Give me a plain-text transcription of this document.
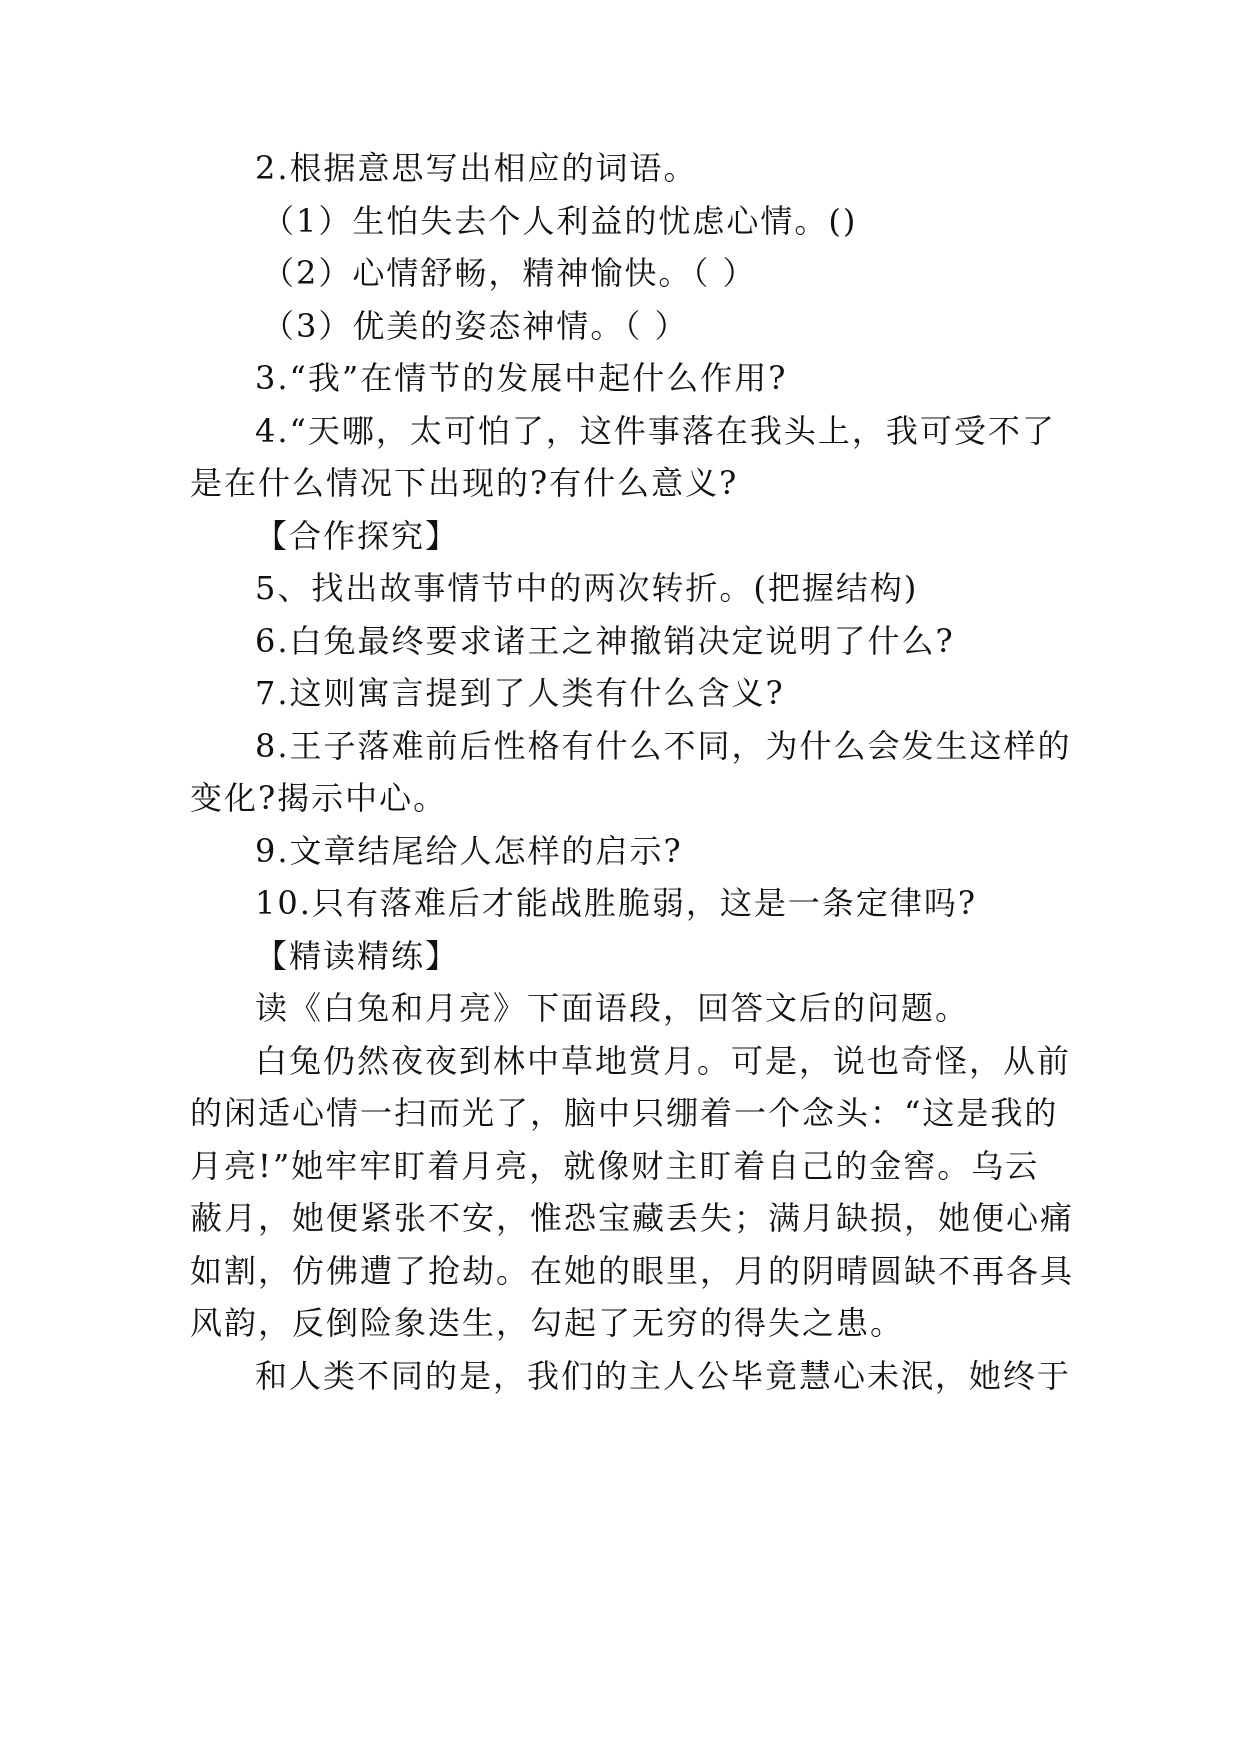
2.根据意思写出相应的词语。
（1）生怕失去个人利益的忧虑心情。()
（2）心情舒畅，精神愉快。（ ）
（3）优美的姿态神情。（ ）
3.“我”在情节的发展中起什么作用?
4.“天哪，太可怕了，这件事落在我头上，我可受不了
是在什么情况下出现的?有什么意义?
【合作探究】
5、找出故事情节中的两次转折。(把握结构)
6.白兔最终要求诸王之神撤销决定说明了什么?
7.这则寓言提到了人类有什么含义?
8.王子落难前后性格有什么不同，为什么会发生这样的
变化?揭示中心。
9.文章结尾给人怎样的启示?
10.只有落难后才能战胜脆弱，这是一条定律吗?
【精读精练】
读《白兔和月亮》下面语段，回答文后的问题。
白兔仍然夜夜到林中草地赏月。可是，说也奇怪，从前
的闲适心情一扫而光了，脑中只绷着一个念头：“这是我的
月亮!”她牢牢盯着月亮，就像财主盯着自己的金窖。乌云
蔽月，她便紧张不安，惟恐宝藏丢失；满月缺损，她便心痛
如割，仿佛遭了抢劫。在她的眼里，月的阴晴圆缺不再各具
风韵，反倒险象迭生，勾起了无穷的得失之患。
和人类不同的是，我们的主人公毕竟慧心未泯，她终于
